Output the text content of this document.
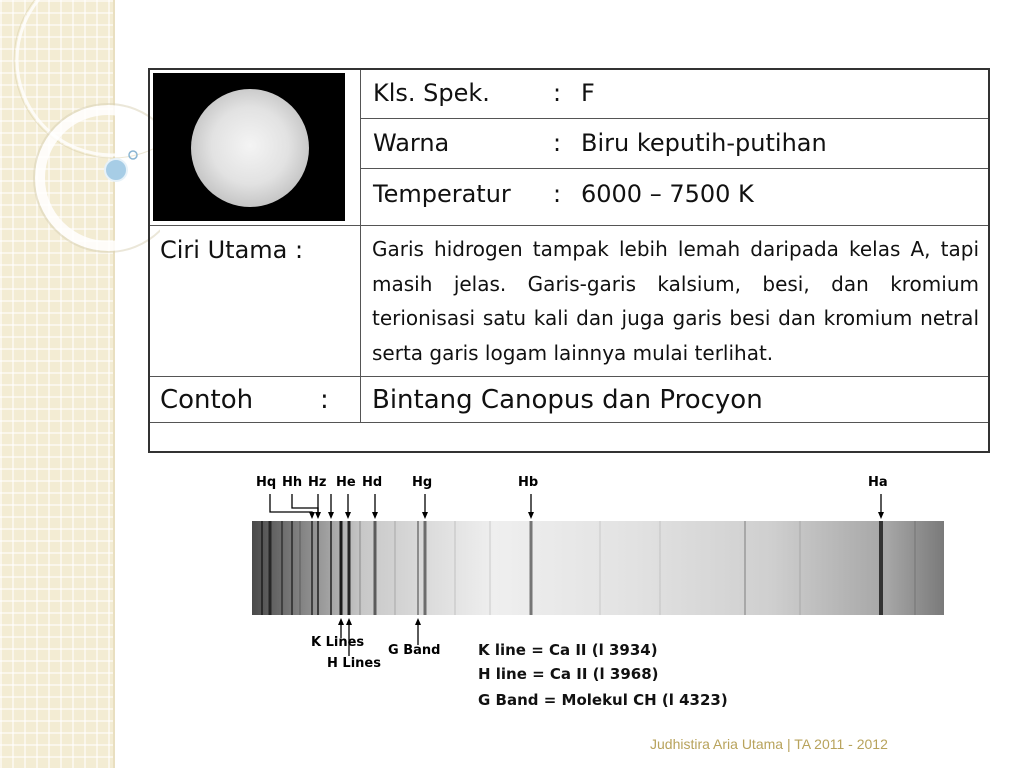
	Kls. Spek. : F

	Warna : Biru keputih-putihan

	Temperatur : 6000 – 7500 K

Ciri Utama :	Garis hidrogen tampak lebih lemah daripada kelas A, tapi masih jelas. Garis-garis kalsium, besi, dan kromium terionisasi satu kali dan juga garis besi dan kromium netral serta garis logam lainnya mulai terlihat.

Contoh :	Bintang Canopus dan Procyon
Hq Hh Hz He Hd Hg	Hb	Ha
K Lines
H Lines
G Band	K line = Ca II (l 3934)
H line = Ca II (l 3968)
G Band = Molekul CH (l 4323)
Judhistira Aria Utama | TA 2011 - 2012
